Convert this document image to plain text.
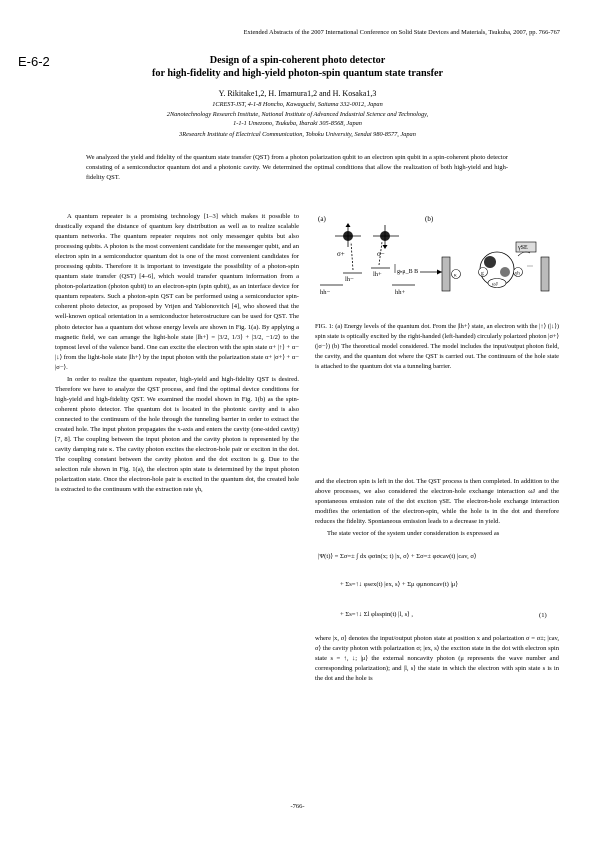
Extended Abstracts of the 2007 International Conference on Solid State Devices and Materials, Tsukuba, 2007, pp. 766-767
E-6-2	Design of a spin-coherent photo detector
for high-fidelity and high-yield photon-spin quantum state transfer
Y. Rikitake1,2, H. Imamura1,2 and H. Kosaka1,3
1CREST-JST, 4-1-8 Honcho, Kawaguchi, Saitama 332-0012, Japan
2Nanotechnology Research Institute, National Institute of Advanced Industrial Science and Technology,
1-1-1 Umezono, Tsukuba, Ibaraki 305-8568, Japan
3Research Institute of Electrical Communication, Tohoku University, Sendai 980-8577, Japan
We analyzed the yield and fidelity of the quantum state transfer (QST) from a photon polarization qubit to an electron spin qubit in a spin-coherent photo detector consisting of a semiconductor quantum dot and a photonic cavity. We determined the optimal conditions that allow the realization of both high-yield and high-fidelity QST.

A quantum repeater is a promising technology [1–3] which makes it possible to drastically expand the distance of quantum key distribution as well as to realize scalable quantum networks. The quantum repeater requires not only messenger qubits but also processing qubits. A photon is the most convenient candidate for the messenger qubit, and an electron spin in a semiconductor quantum dot is one of the most convenient candidates for processing qubits. Therefore it is important to investigate the possibility of a photon-spin quantum state transfer (QST) [4–6], which would transfer quantum information from a photon-polarization (photon qubit) to an electron-spin (spin qubit), as an interface device for quantum repeaters. Such a photon-spin QST can be performed using a semiconductor spin-coherent photo detector, as proposed by Vrijen and Yablonovitch [4], who showed that the well-known optical orientation in a semiconductor heterostructure can be used for QST. The photo detector has a quantum dot whose energy levels are shown in Fig. 1(a). By applying a magnetic field, we can arrange the light-hole state |lh+⟩ = |3/2, 1/3⟩ + |3/2, −1/2⟩ to the topmost level of the valence band. One can excite the electron with the spin state α+ |↑⟩ + α− |↓⟩ from the light-hole state |lh+⟩ by the input photon with the polarization state α+ |σ+⟩ + α− |σ−⟩.

In order to realize the quantum repeater, high-yield and high-fidelity QST is desired. Therefore we have to analyze the QST process, and find the optimal device conditions for high-yield and high-fidelity QST. We examined the model shown in Fig. 1(b) as the spin-coherent photo detector. The quantum dot is located in the photonic cavity and is also connected to the continuum of the hole through the tunneling barrier in order to extract the created hole. The input photon propagates the x-axis and enters the cavity (one-sided cavity) [7, 8]. The coupling between the input photon and the cavity photon is represented by the cavity damping rate κ. The cavity photon excites the electron-hole pair or exciton in the dot. The coupling constant between the cavity photon and the dot exciton is g. Due to the selection rule shown in Fig. 1(a), the electron spin state is determined by the input photon polarization state. Once the electron-hole pair is excited in the quantum dot, the created hole is extracted to the continuum with the extraction rate γh,

(a)	(b)
σ+	σ−
lh−
lh+
hh−	hh+
gₕμ_B B
γSE
κ	g	γh
ωJ
⋯
FIG. 1: (a) Energy levels of the quantum dot. From the |lh+⟩ state, an electron with the |↑⟩ (|↓⟩) spin state is optically excited by the right-handed (left-handed) circularly polarized photon |σ+⟩ (|σ−⟩) (b) The theoretical model considered. The model includes the input/output photon field, the cavity, and the quantum dot where the QST is carried out. The continuum of the hole state is attached to the quantum dot via a tunneling barrier.

and the electron spin is left in the dot. The QST process is then completed. In addition to the above processes, we also considered the electron-hole exchange interaction ωJ and the spontaneous emission rate of the dot exciton γSE. The electron-hole exchange interaction modifies the orientation of the electron-spin, while the hole is in the dot and therefore reduces the fidelity. Spontaneous emission leads to a decrease in yield.

The state vector of the system under consideration is expressed as

|Ψ(t)⟩ = Σσ=± ∫ dx φσin(x; t) |x, σ⟩ + Σσ=± φσcav(t) |cav, σ⟩
+ Σs=↑↓ φsex(t) |ex, s⟩ + Σμ φμnoncav(t) |μ⟩
+ Σs=↑↓ Σl φlsspin(t) |l, s⟩ ,	(1)
where |x, σ⟩ denotes the input/output photon state at position x and polarization σ = σ±; |cav, σ⟩ the cavity photon with polarization σ; |ex, s⟩ the exciton state in the dot with electron spin state s = ↑, ↓; |μ⟩ the external noncavity photon (μ represents the wave number and corresponding polarization); and |l, s⟩ the state in which the electron with spin state s is in the dot and the hole is
-766-
